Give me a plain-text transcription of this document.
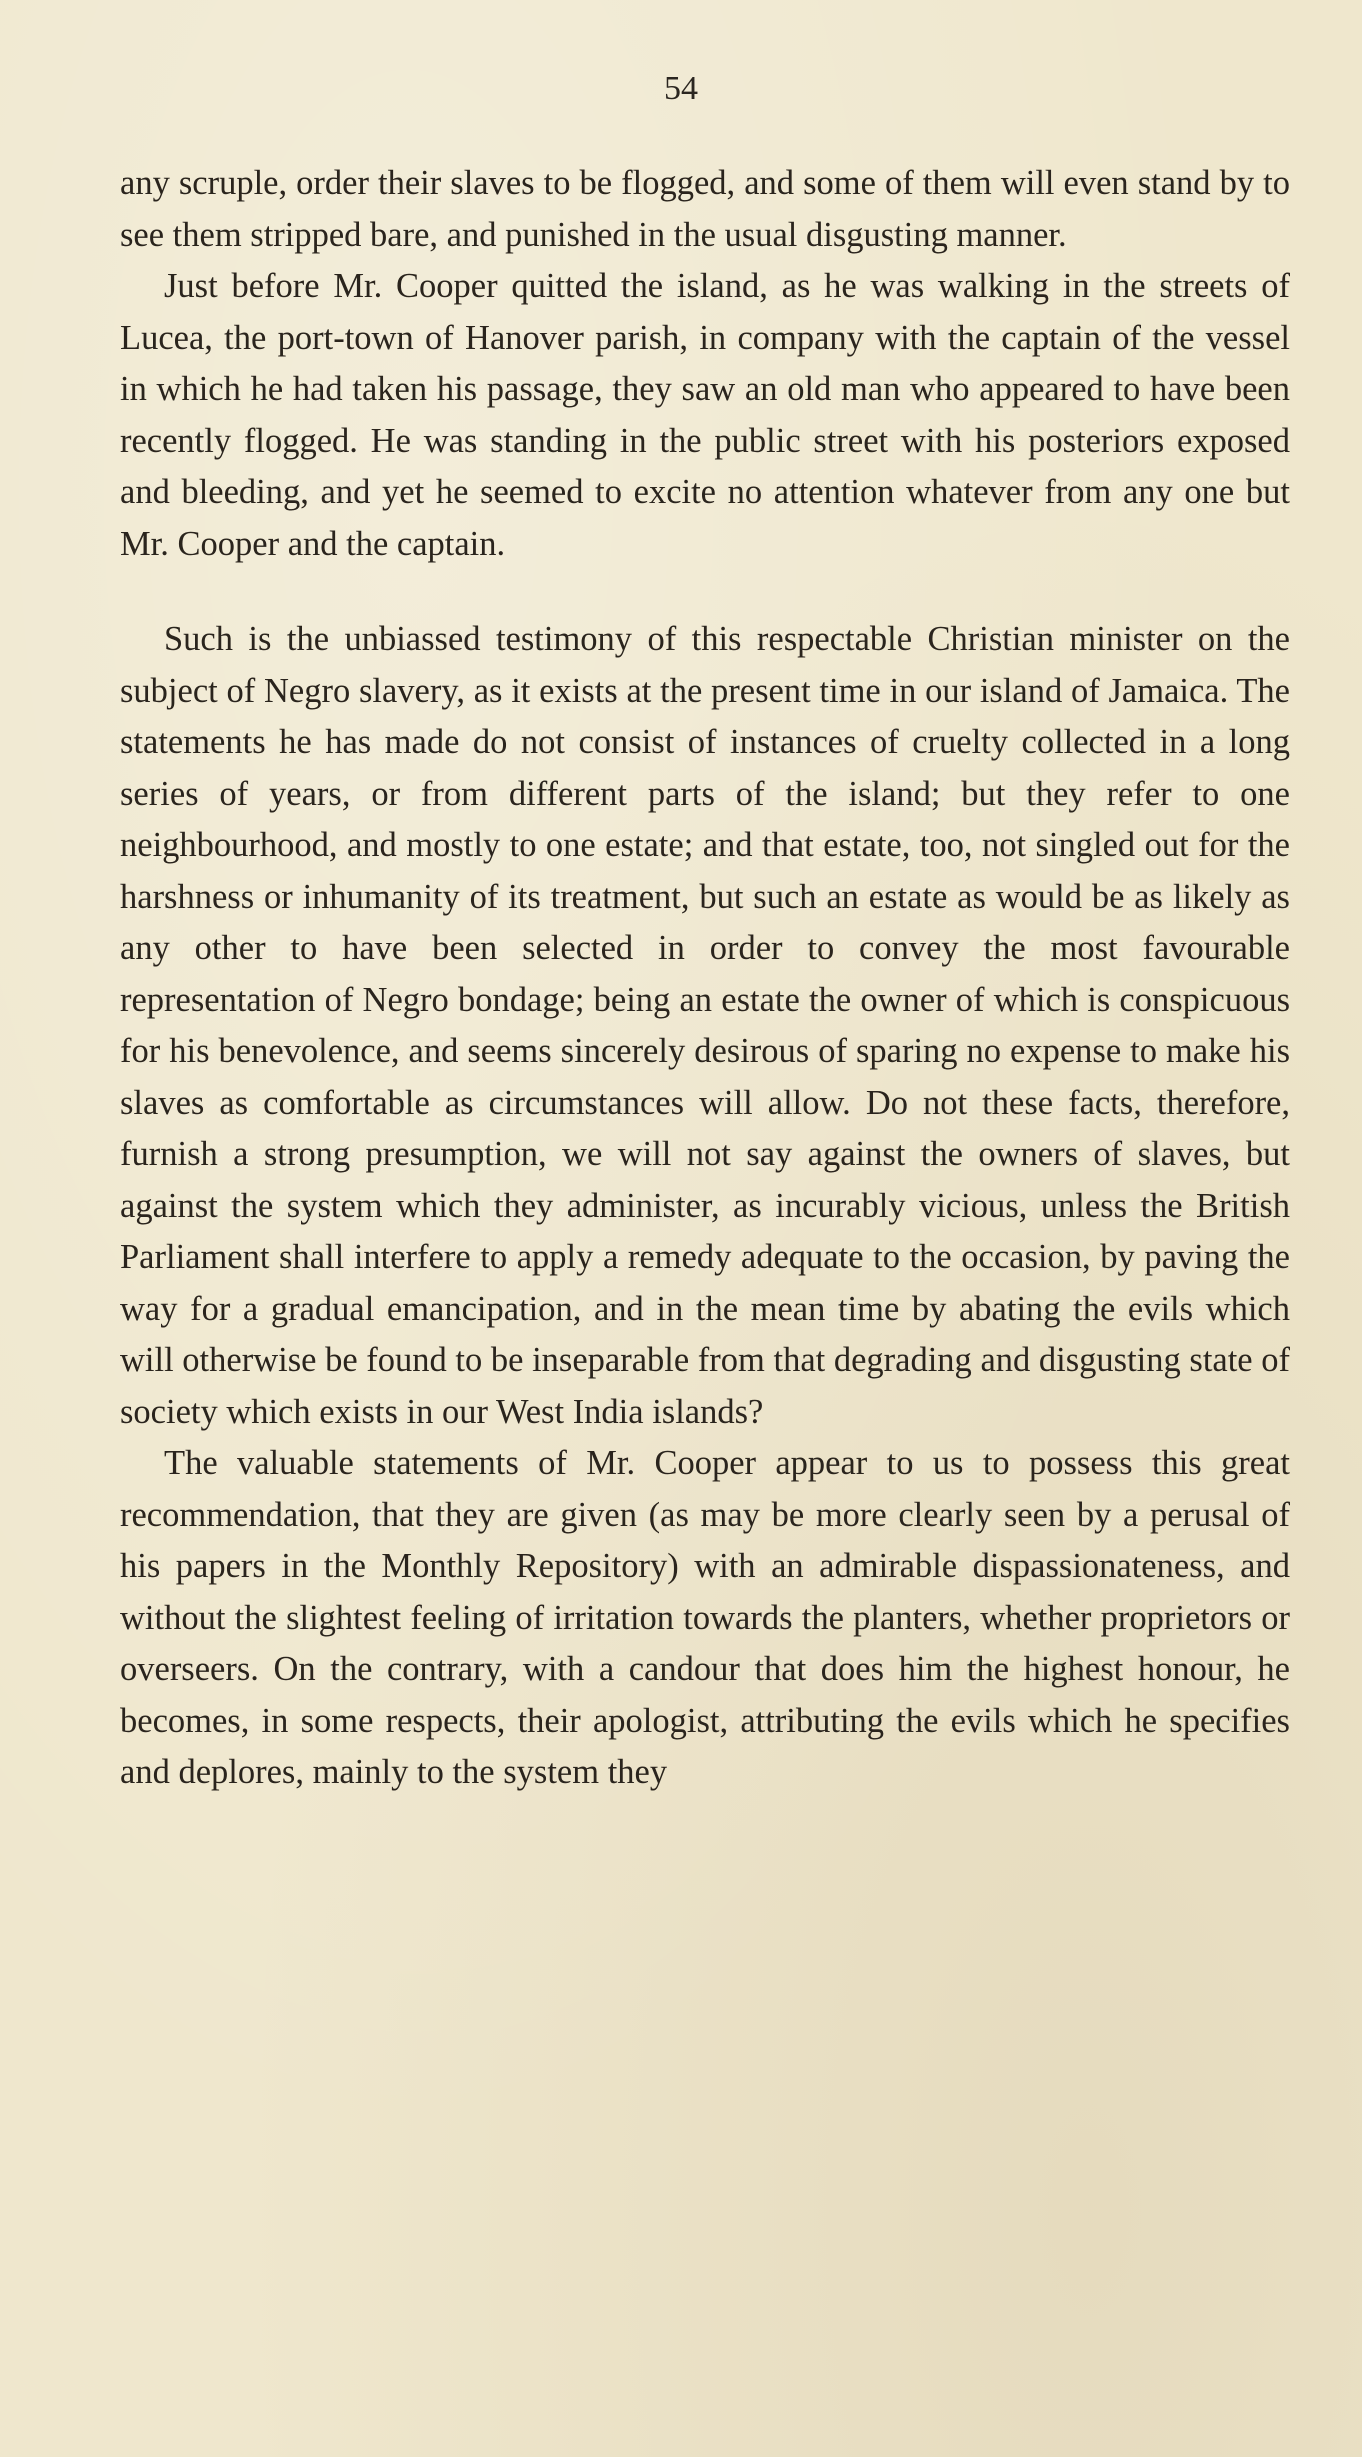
54

any scruple, order their slaves to be flogged, and some of them will even stand by to see them stripped bare, and punished in the usual disgusting manner.

Just before Mr. Cooper quitted the island, as he was walking in the streets of Lucea, the port-town of Hanover parish, in company with the captain of the vessel in which he had taken his passage, they saw an old man who appeared to have been recently flogged. He was standing in the public street with his posteriors exposed and bleeding, and yet he seemed to excite no attention whatever from any one but Mr. Cooper and the captain.

Such is the unbiassed testimony of this respectable Christian minister on the subject of Negro slavery, as it exists at the present time in our island of Jamaica. The statements he has made do not consist of instances of cruelty collected in a long series of years, or from different parts of the island; but they refer to one neighbourhood, and mostly to one estate; and that estate, too, not singled out for the harshness or inhumanity of its treatment, but such an estate as would be as likely as any other to have been selected in order to convey the most favourable representation of Negro bondage; being an estate the owner of which is conspicuous for his benevolence, and seems sincerely desirous of sparing no expense to make his slaves as comfortable as circumstances will allow. Do not these facts, therefore, furnish a strong presumption, we will not say against the owners of slaves, but against the system which they administer, as incurably vicious, unless the British Parliament shall interfere to apply a remedy adequate to the occasion, by paving the way for a gradual emancipation, and in the mean time by abating the evils which will otherwise be found to be inseparable from that degrading and disgusting state of society which exists in our West India islands?

The valuable statements of Mr. Cooper appear to us to possess this great recommendation, that they are given (as may be more clearly seen by a perusal of his papers in the Monthly Repository) with an admirable dispassionateness, and without the slightest feeling of irritation towards the planters, whether proprietors or overseers. On the contrary, with a candour that does him the highest honour, he becomes, in some respects, their apologist, attributing the evils which he specifies and deplores, mainly to the system they
